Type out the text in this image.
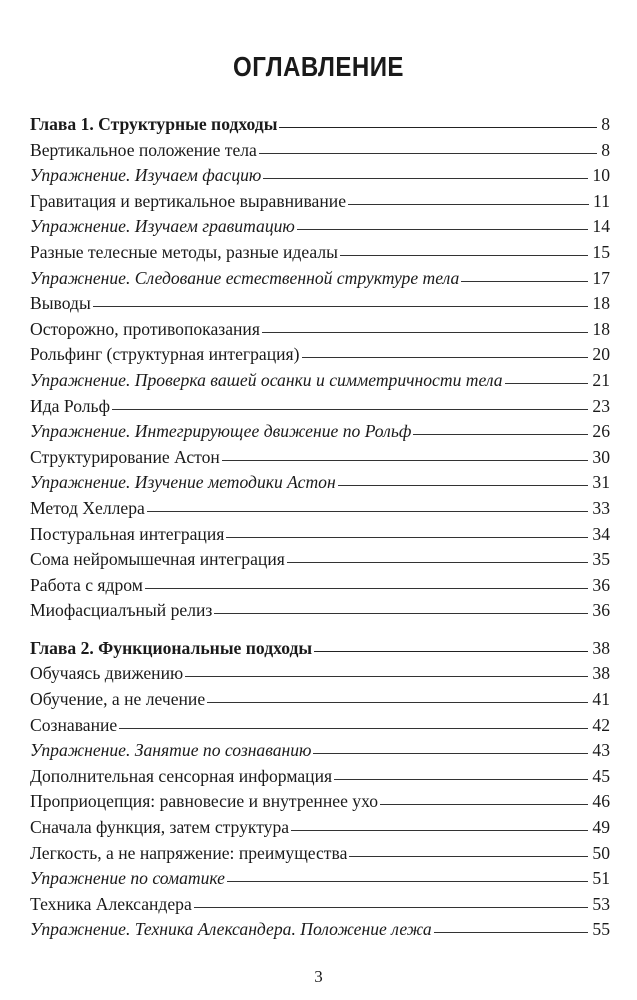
ОГЛАВЛЕНИЕ
Глава 1. Структурные подходы	8
Вертикальное положение тела	8
Упражнение. Изучаем фасцию	10
Гравитация и вертикальное выравнивание	11
Упражнение. Изучаем гравитацию	14
Разные телесные методы, разные идеалы	15
Упражнение. Следование естественной структуре тела	17
Выводы	18
Осторожно, противопоказания	18
Рольфинг (структурная интеграция)	20
Упражнение. Проверка вашей осанки и симметричности тела	21
Ида Рольф	23
Упражнение. Интегрирующее движение по Рольф	26
Структурирование Астон	30
Упражнение. Изучение методики Астон	31
Метод Хеллера	33
Постуральная интеграция	34
Сома нейромышечная интеграция	35
Работа с ядром	36
Миофасциалъный релиз	36
Глава 2. Функциональные подходы	38
Обучаясь движению	38
Обучение, а не лечение	41
Сознавание	42
Упражнение. Занятие по сознаванию	43
Дополнительная сенсорная информация	45
Проприоцепция: равновесие и внутреннее ухо	46
Сначала функция, затем структура	49
Легкость, а не напряжение: преимущества	50
Упражнение по соматике	51
Техника Александера	53
Упражнение. Техника Александера. Положение лежа	55
3
